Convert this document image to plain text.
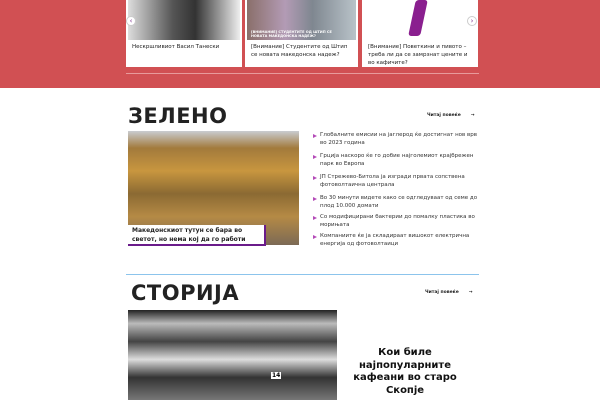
Нескршливиот Васил Танески
[ВНИМАНИЕ] СТУДЕНТИТЕ ОД ШТИП СЕ НОВАТА МАКЕДОНСКА НАДЕЖ?
[Внимание] Студентите од Штип се новата македонска надеж?
[Внимание] Поветкини и пивото – треба ли да се замрзнат цените и во кафичите?
‹	›
ЗЕЛЕНО	Читај повеќе →
Македонскиот тутун се бара во светот, но нема кој да го работи
Глобалните емисии на јаглерод ќе достигнат нов врв во 2023 година
Грција наскоро ќе го добие најголемиот крајбрежен парк во Европа
ЈП Стрежево-Битола ја изгради првата сопствена фотоволтаична централа
Во 30 минути видете како се одгледуваат од семе до плод 10.000 домати
Со модифицирани бактерии до помалку пластика во морињата
Компаниите ќе ја складираат вишокот електрична енергија од фотоволтаици
СТОРИЈА	Читај повеќе →
14
Кои биле најпопуларните кафеани во старо Скопје
